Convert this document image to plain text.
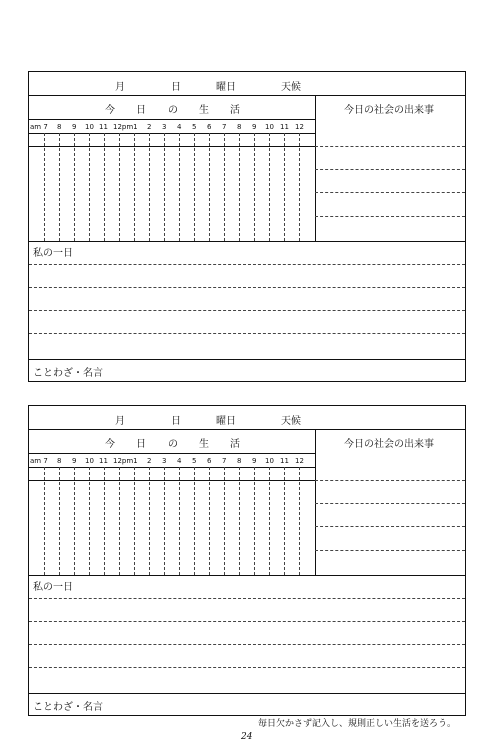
月	日	曜日	天候
今 日 の 生 活	今日の社会の出来事
am 7 8 9 10 11 12pm1 2 3 4 5 6 7 8 9 10 11 12
私の一日
ことわざ・名言
月	日	曜日	天候
今 日 の 生 活	今日の社会の出来事
am 7 8 9 10 11 12pm1 2 3 4 5 6 7 8 9 10 11 12
私の一日
ことわざ・名言
毎日欠かさず記入し、規則正しい生活を送ろう。
24
